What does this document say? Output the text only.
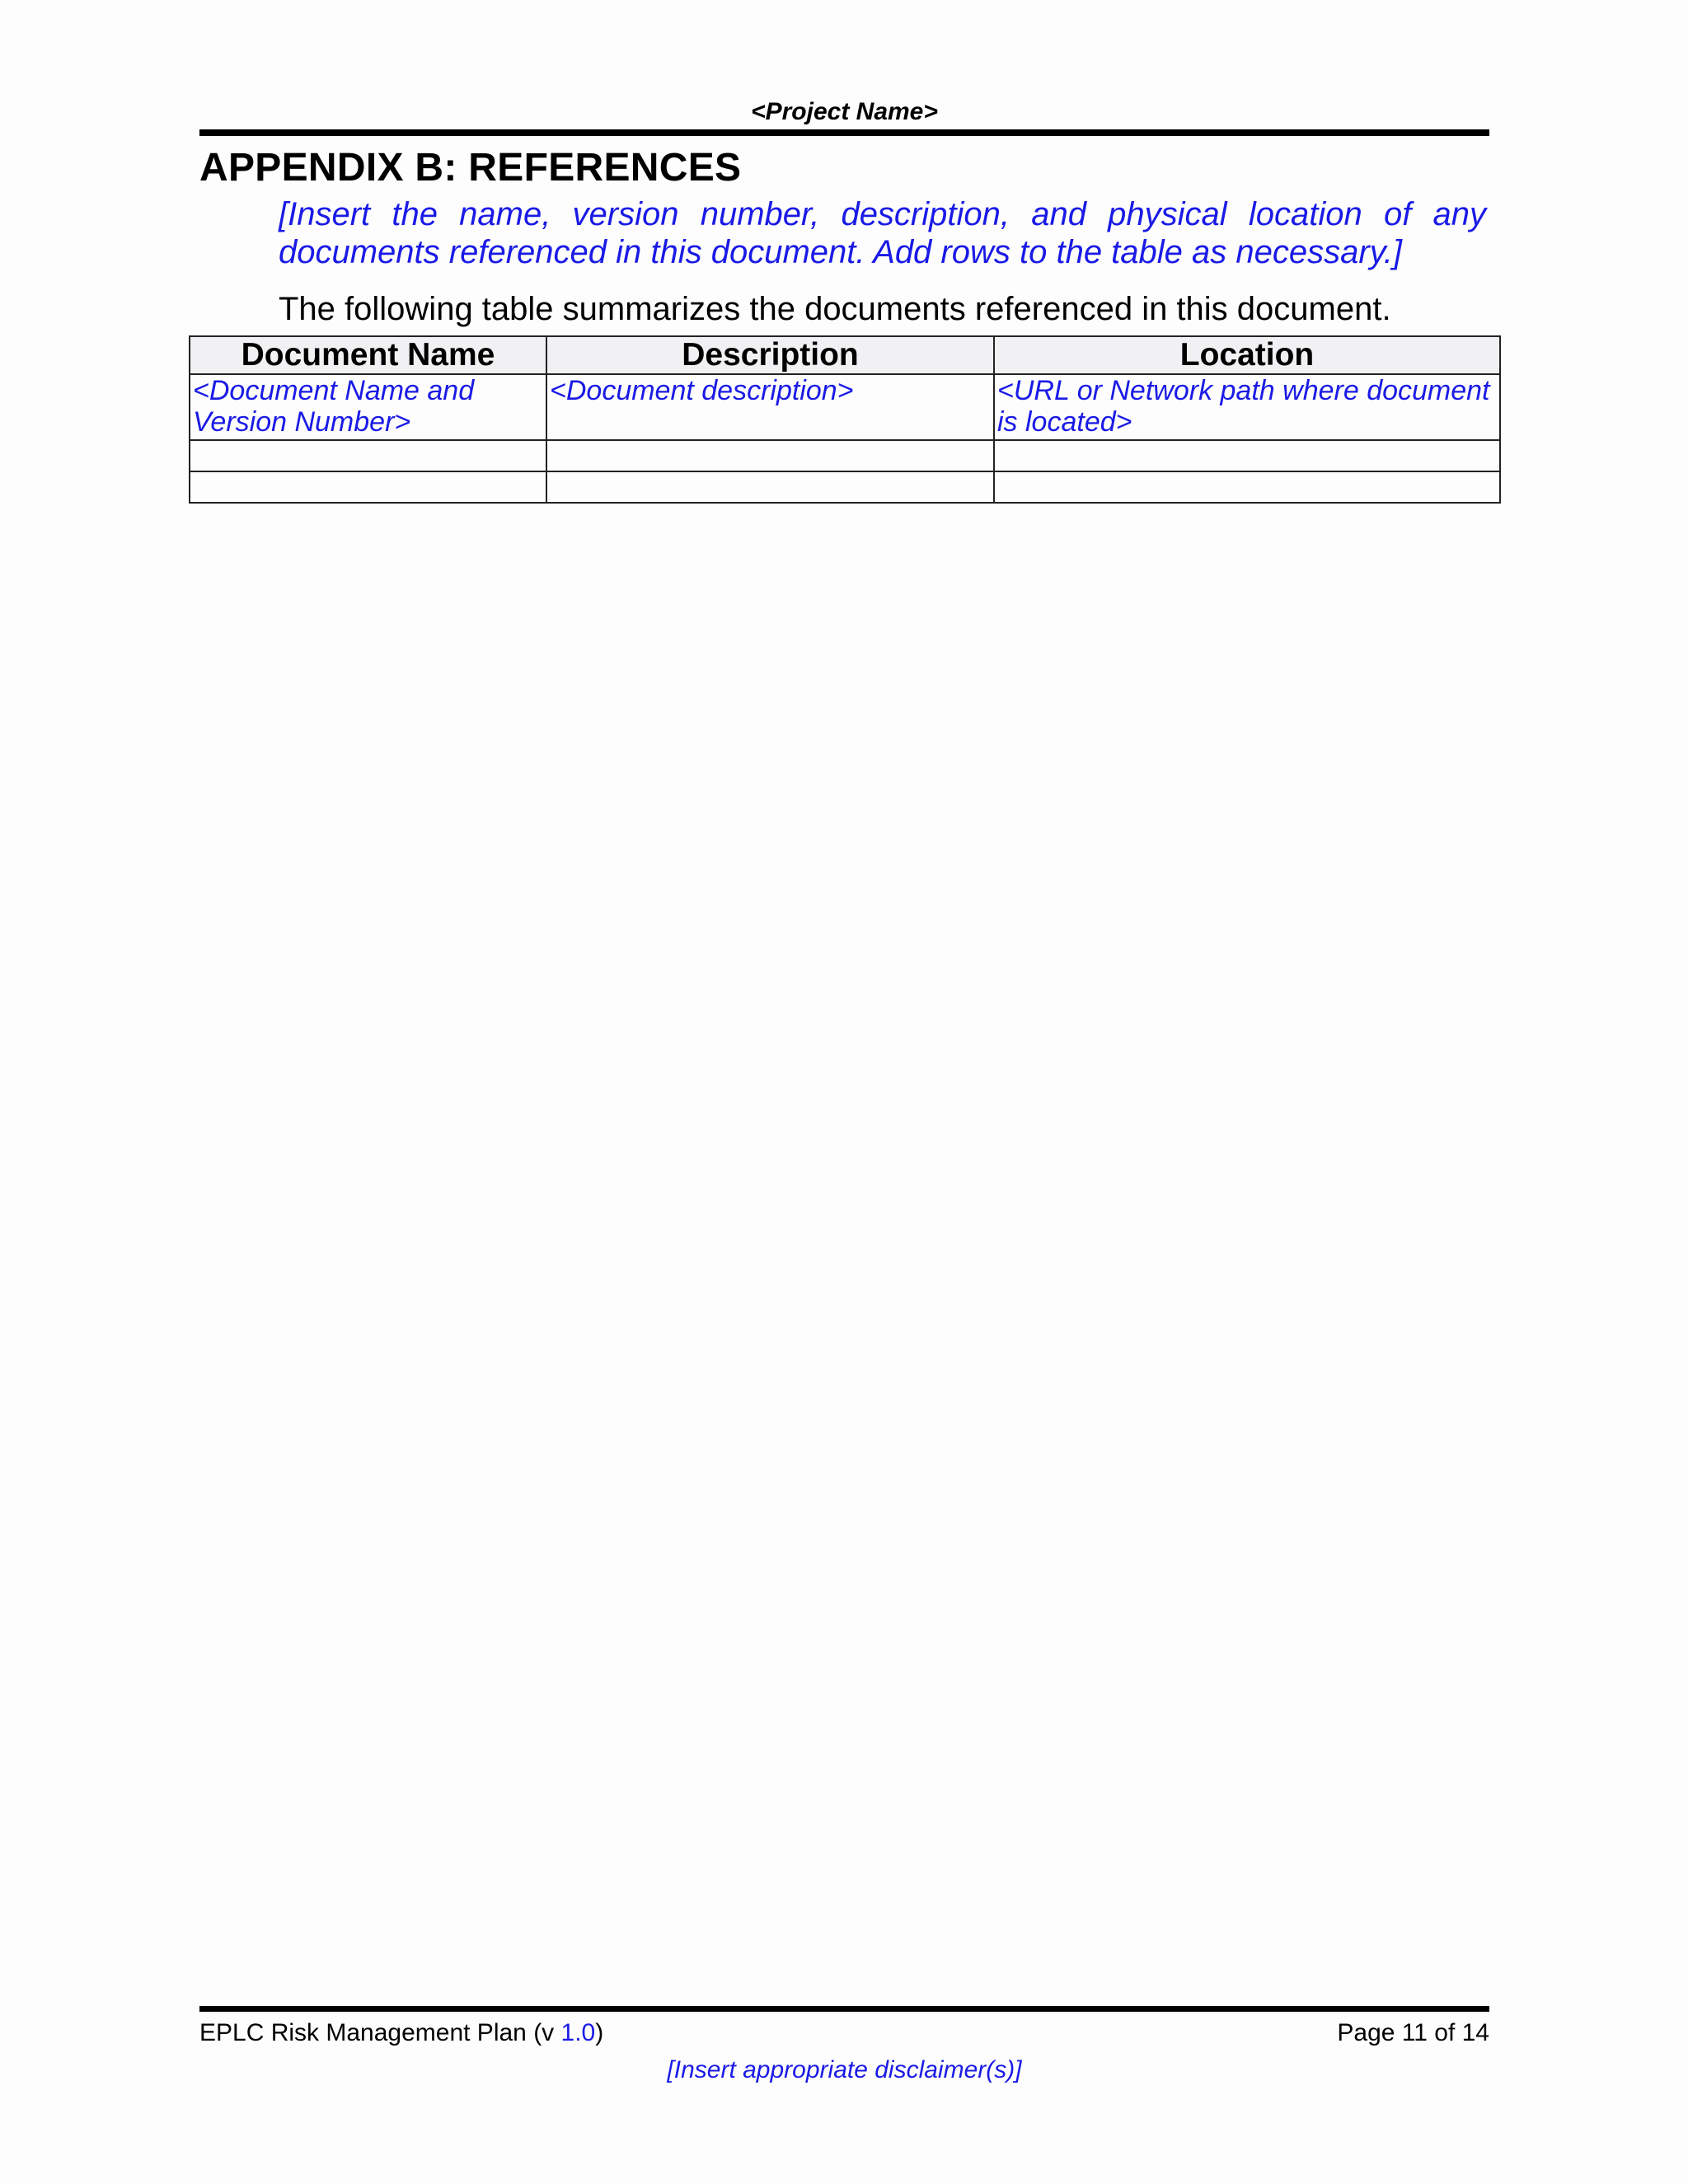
<Project Name>
APPENDIX B: REFERENCES
[Insert the name, version number, description, and physical location of any documents referenced in this document. Add rows to the table as necessary.]
The following table summarizes the documents referenced in this document.
Document Name	Description	Location
<Document Name and Version Number>	<Document description>	<URL or Network path where document is located>

EPLC Risk Management Plan (v 1.0)	Page 11 of 14
[Insert appropriate disclaimer(s)]
